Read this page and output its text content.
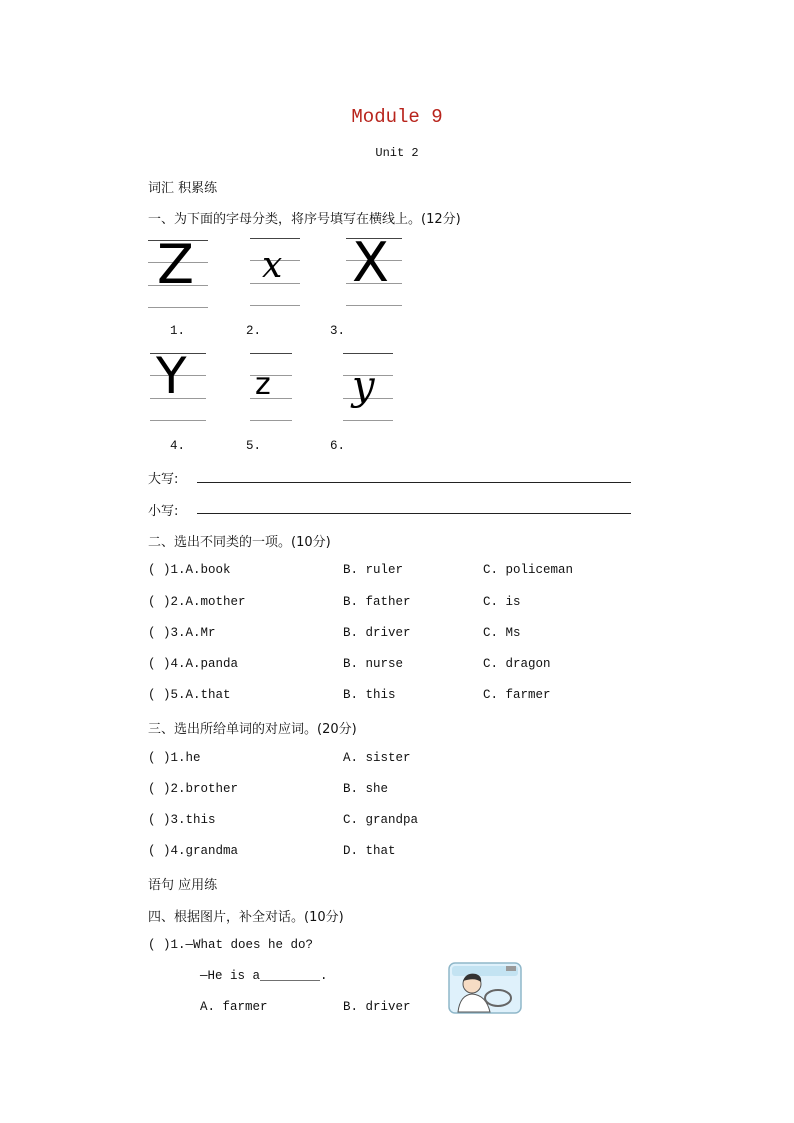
Module 9
Unit 2
词汇 积累练
一、为下面的字母分类，将序号填写在横线上。(12分)
Z x X
1.	2.	3.
Y z y
4.	5.	6.
大写:
小写:
二、选出不同类的一项。(10分)
( )1.A.book	B. ruler	C. policeman
( )2.A.mother	B. father	C. is
( )3.A.Mr	B. driver	C. Ms
( )4.A.panda	B. nurse	C. dragon
( )5.A.that	B. this	C. farmer
三、选出所给单词的对应词。(20分)
( )1.he	A. sister
( )2.brother	B. she
( )3.this	C. grandpa
( )4.grandma	D. that
语句 应用练
四、根据图片，补全对话。(10分)
( )1.—What does he do?
—He is a________.
A. farmer	B. driver
